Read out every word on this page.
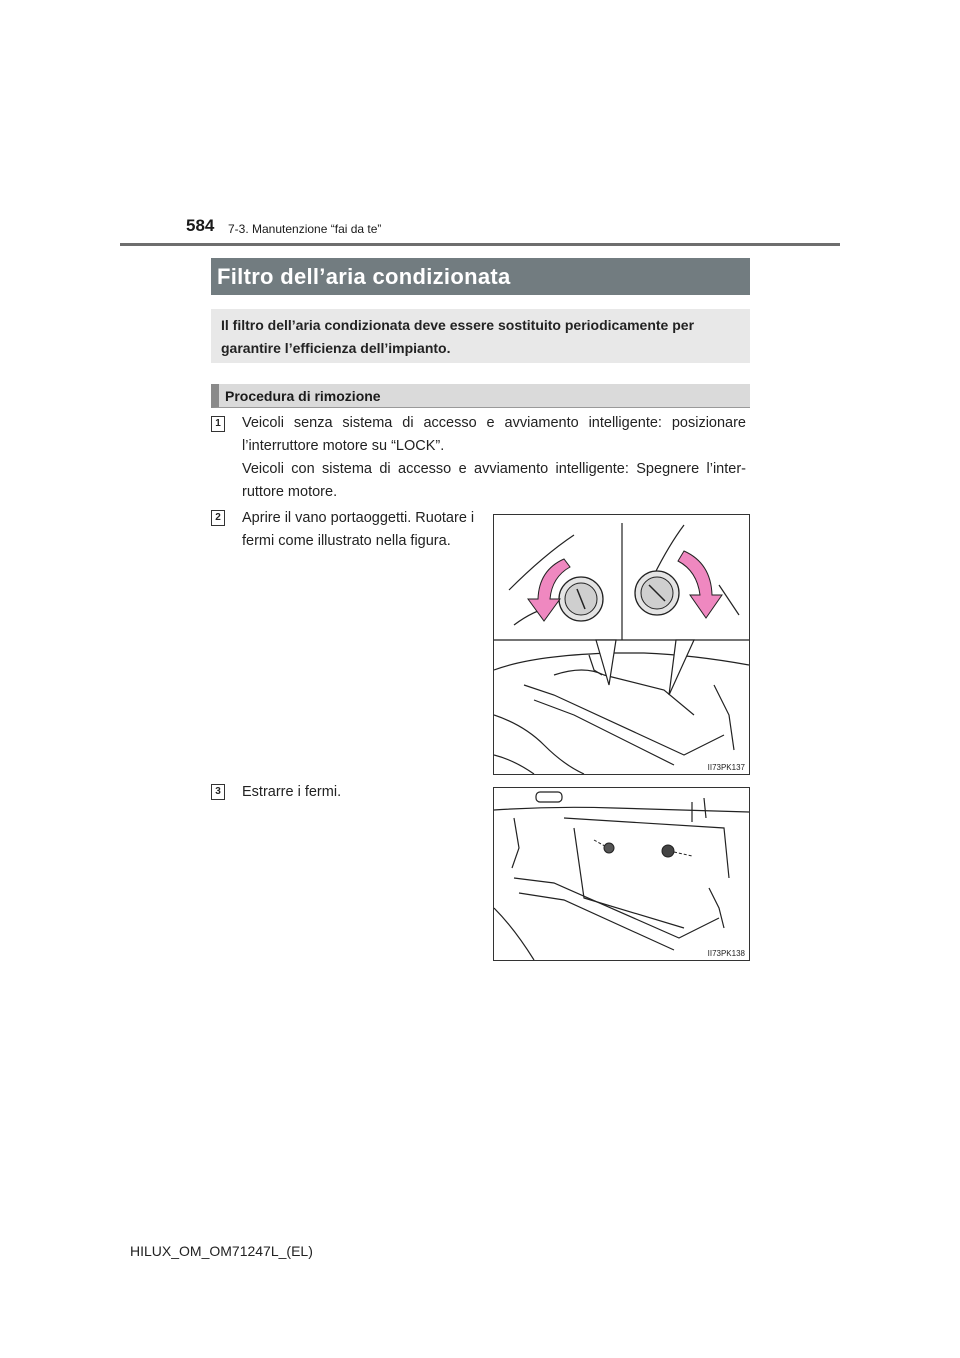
584 7-3. Manutenzione “fai da te”
Filtro dell’aria condizionata
Il filtro dell’aria condizionata deve essere sostituito periodicamente per garantire l’efficienza dell’impianto.
Procedura di rimozione
1 Veicoli senza sistema di accesso e avviamento intelligente: posizionare l’interruttore motore su “LOCK”.
Veicoli con sistema di accesso e avviamento intelligente: Spegnere l’inter- ruttore motore.
2 Aprire il vano portaoggetti. Ruotare i fermi come illustrato nella figura.
II73PK137
3 Estrarre i fermi.
II73PK138
HILUX_OM_OM71247L_(EL)
